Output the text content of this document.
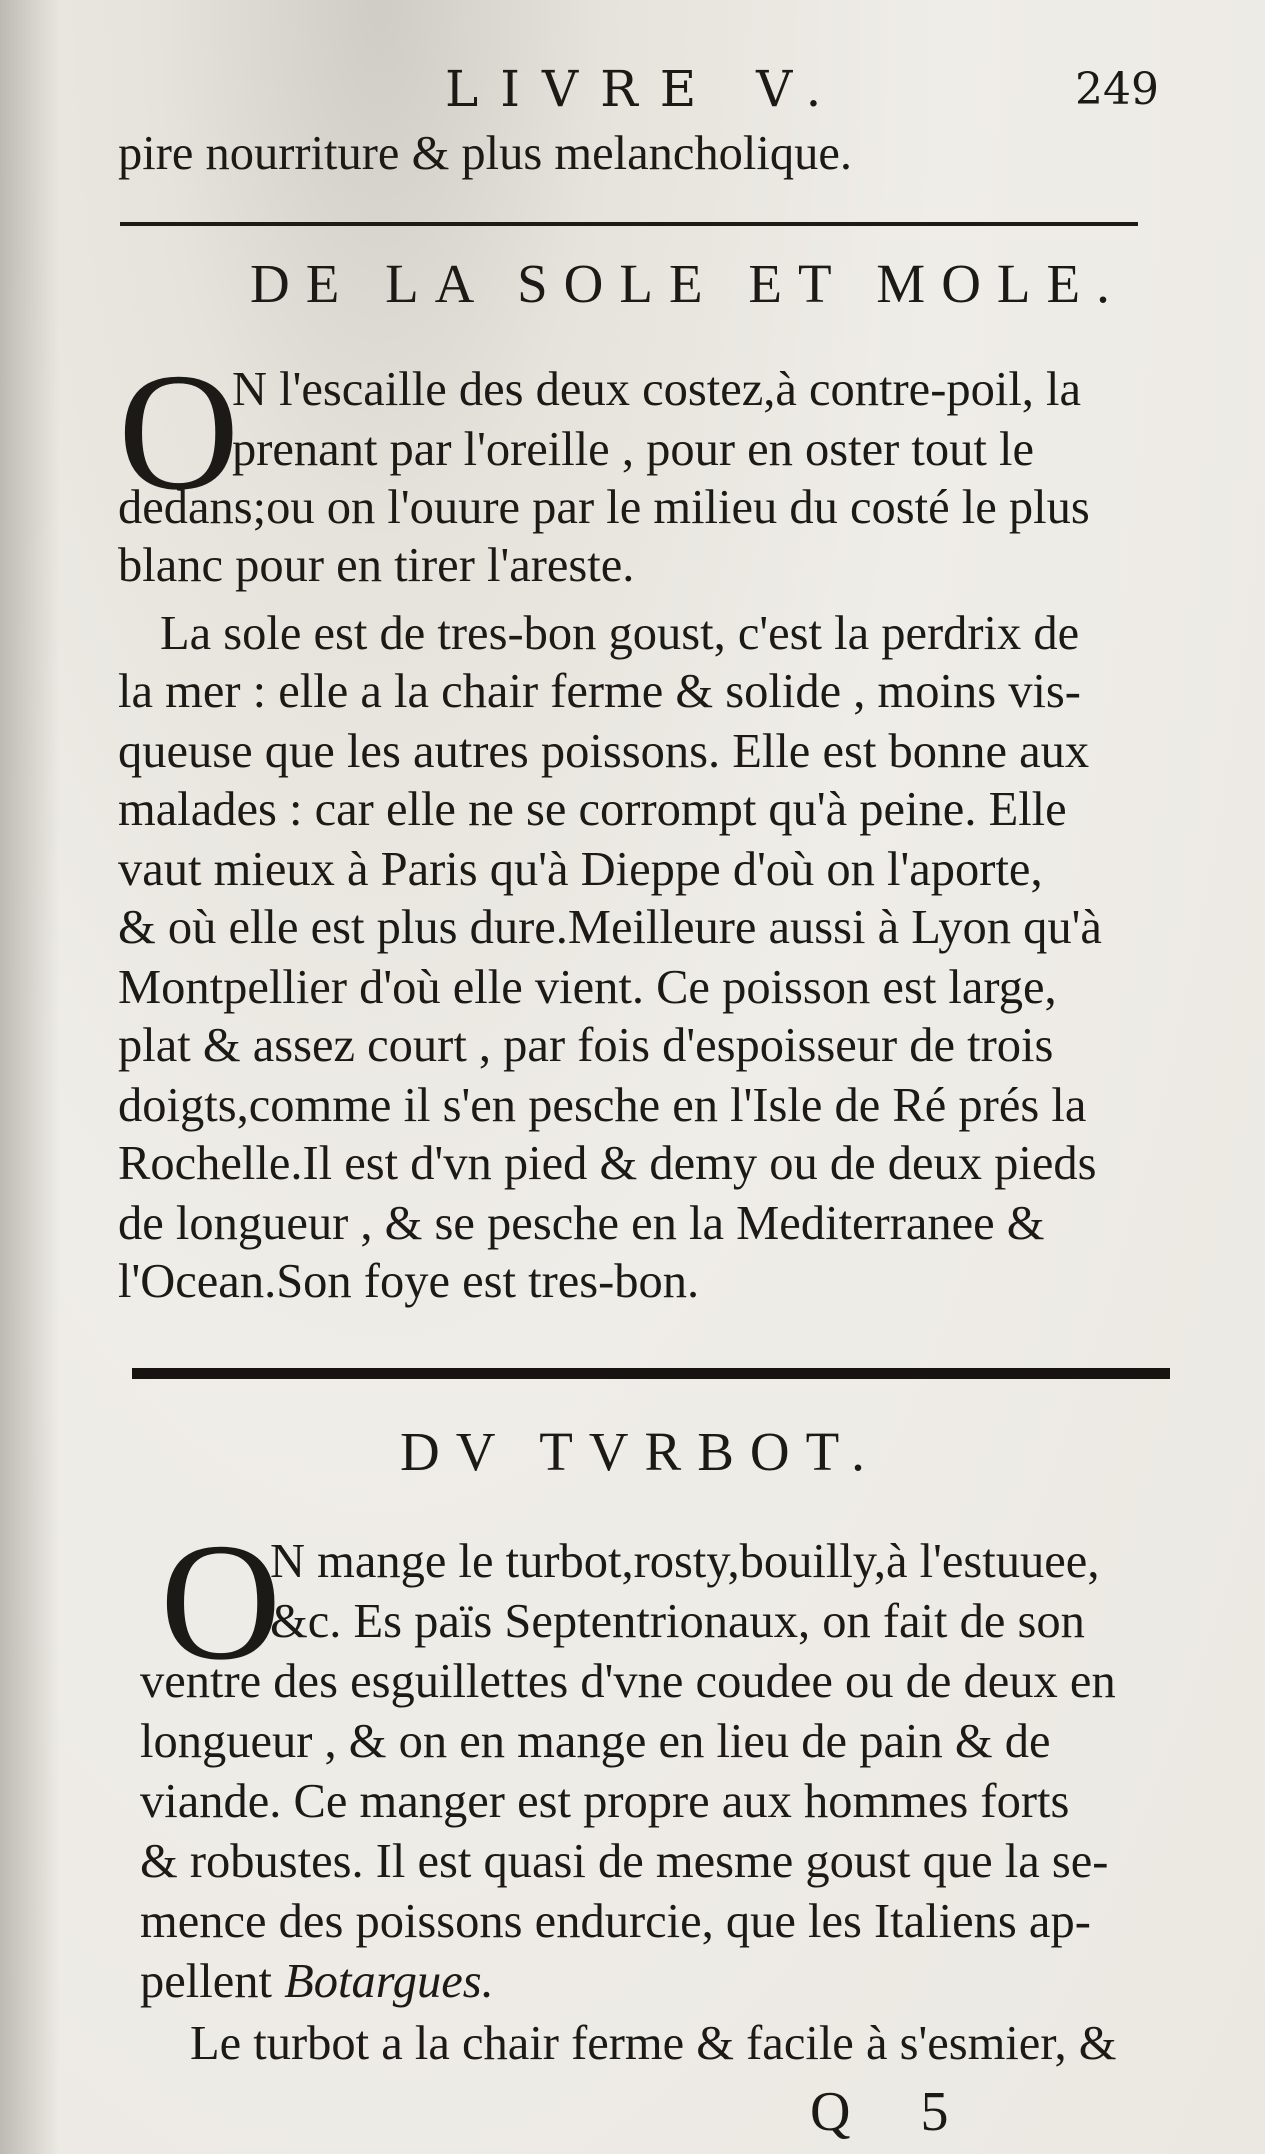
LIVRE V.	249
pire nourriture & plus melancholique.
DE LA SOLE ET MOLE.
O
N l'escaille des deux costez,à contre-poil, la
prenant par l'oreille , pour en oster tout le
dedans;ou on l'ouure par le milieu du costé le plus
blanc pour en tirer l'areste.
La sole est de tres-bon goust, c'est la perdrix de
la mer : elle a la chair ferme & solide , moins vis-
queuse que les autres poissons. Elle est bonne aux
malades : car elle ne se corrompt qu'à peine. Elle
vaut mieux à Paris qu'à Dieppe d'où on l'aporte,
& où elle est plus dure.Meilleure aussi à Lyon qu'à
Montpellier d'où elle vient. Ce poisson est large,
plat & assez court , par fois d'espoisseur de trois
doigts,comme il s'en pesche en l'Isle de Ré prés la
Rochelle.Il est d'vn pied & demy ou de deux pieds
de longueur , & se pesche en la Mediterranee &
l'Ocean.Son foye est tres-bon.
DV TVRBOT.
O
N mange le turbot,rosty,bouilly,à l'estuuee,
&c. Es païs Septentrionaux, on fait de son
ventre des esguillettes d'vne coudee ou de deux en
longueur , & on en mange en lieu de pain & de
viande. Ce manger est propre aux hommes forts
& robustes. Il est quasi de mesme goust que la se-
mence des poissons endurcie, que les Italiens ap-
pellent Botargues.
Le turbot a la chair ferme & facile à s'esmier, &
Q 5
